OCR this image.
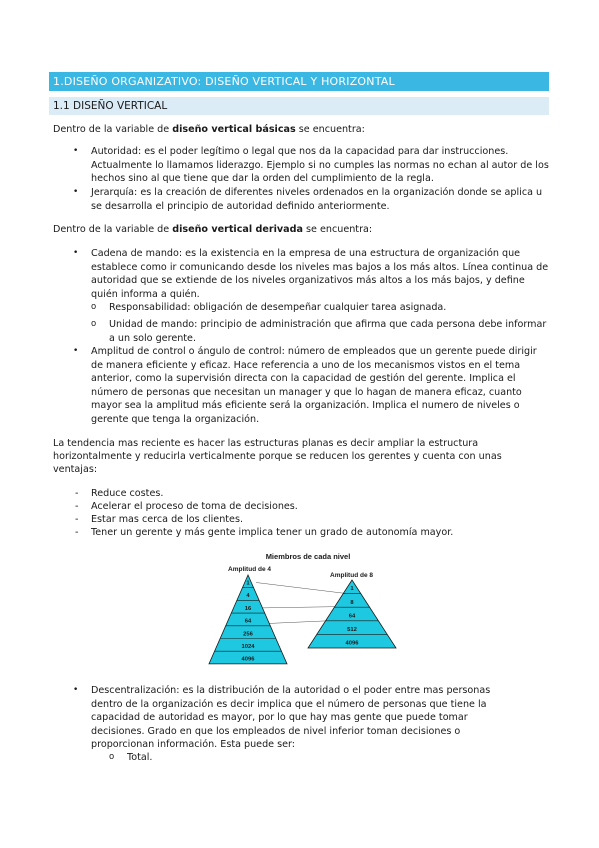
1.DISEÑO ORGANIZATIVO: DISEÑO VERTICAL Y HORIZONTAL
1.1 DISEÑO VERTICAL
Dentro de la variable de diseño vertical básicas se encuentra:
• Autoridad: es el poder legítimo o legal que nos da la capacidad para dar instrucciones. Actualmente lo llamamos liderazgo. Ejemplo si no cumples las normas no echan al autor de los hechos sino al que tiene que dar la orden del cumplimiento de la regla.
• Jerarquía: es la creación de diferentes niveles ordenados en la organización donde se aplica u se desarrolla el principio de autoridad definido anteriormente.
Dentro de la variable de diseño vertical derivada se encuentra:
• Cadena de mando: es la existencia en la empresa de una estructura de organización que establece como ir comunicando desde los niveles mas bajos a los más altos. Línea continua de autoridad que se extiende de los niveles organizativos más altos a los más bajos, y define quién informa a quién.
o Responsabilidad: obligación de desempeñar cualquier tarea asignada.
o Unidad de mando: principio de administración que afirma que cada persona debe informar a un solo gerente.
• Amplitud de control o ángulo de control: número de empleados que un gerente puede dirigir de manera eficiente y eficaz. Hace referencia a uno de los mecanismos vistos en el tema anterior, como la supervisión directa con la capacidad de gestión del gerente. Implica el número de personas que necesitan un manager y que lo hagan de manera eficaz, cuanto mayor sea la amplitud más eficiente será la organización. Implica el numero de niveles o gerente que tenga la organización.
La tendencia mas reciente es hacer las estructuras planas es decir ampliar la estructura horizontalmente y reducirla verticalmente porque se reducen los gerentes y cuenta con unas ventajas:
- Reduce costes.
- Acelerar el proceso de toma de decisiones.
- Estar mas cerca de los clientes.
- Tener un gerente y más gente implica tener un grado de autonomía mayor.
Miembros de cada nivel
Amplitud de 4
Amplitud de 8
1
4
16
64
256
1024
4096
1
8
64
512
4096
• Descentralización: es la distribución de la autoridad o el poder entre mas personas dentro de la organización es decir implica que el número de personas que tiene la capacidad de autoridad es mayor, por lo que hay mas gente que puede tomar decisiones. Grado en que los empleados de nivel inferior toman decisiones o proporcionan información. Esta puede ser:
o Total.
